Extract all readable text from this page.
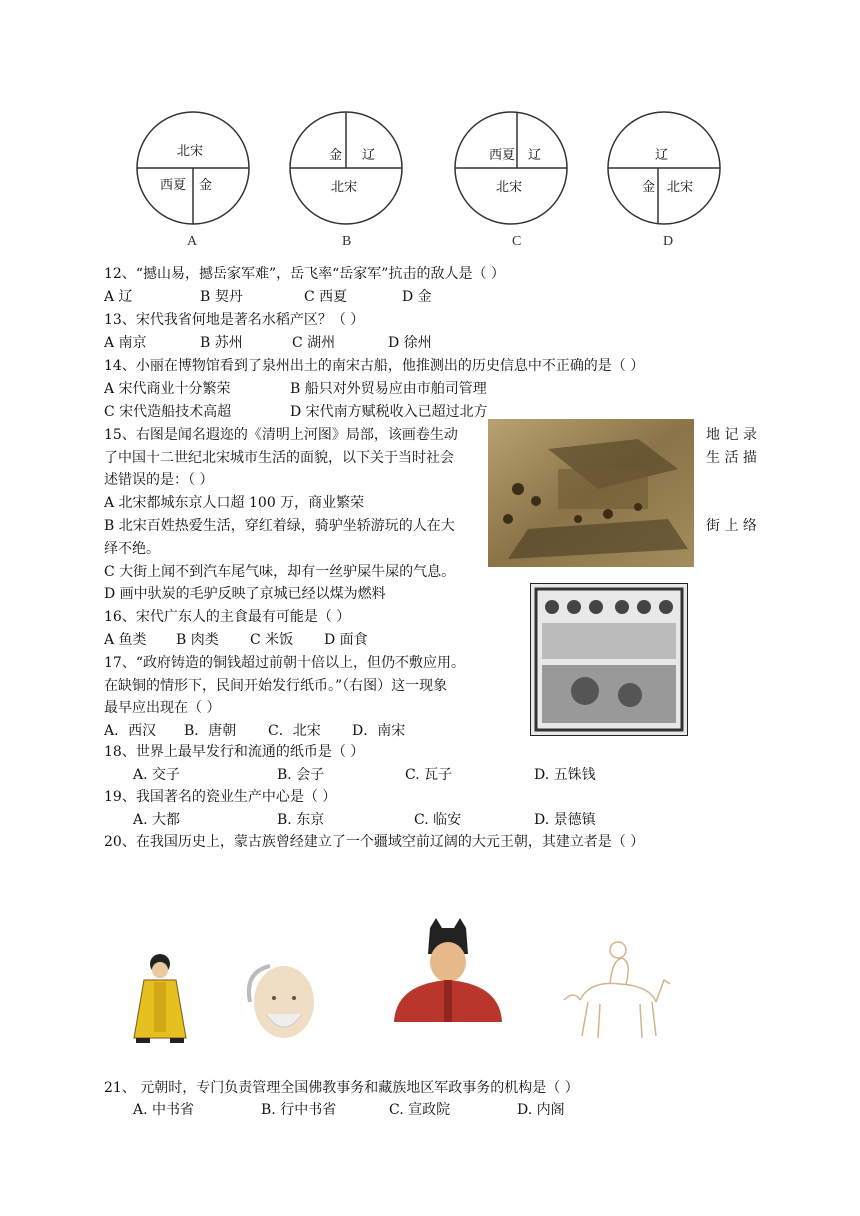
北宋
西夏 金
A
金 辽
北宋
B
西夏 辽
北宋
C
辽
金 北宋
D
12、“撼山易，撼岳家军难”，岳飞率“岳家军”抗击的敌人是（ ）
A 辽	B 契丹	C 西夏	D 金
13、宋代我省何地是著名水稻产区？（ ）
A 南京	B 苏州	C 湖州	D 徐州
14、小丽在博物馆看到了泉州出土的南宋古船，他推测出的历史信息中不正确的是（ ）
A 宋代商业十分繁荣	B 船只对外贸易应由市舶司管理
C 宋代造船技术高超	D 宋代南方赋税收入已超过北方
15、右图是闻名遐迩的《清明上河图》局部，该画卷生动	地 记 录
了中国十二世纪北宋城市生活的面貌，以下关于当时社会	生 活 描
述错误的是：（ ）
A 北宋都城东京人口超 100 万，商业繁荣
B 北宋百姓热爱生活，穿红着绿，骑驴坐轿游玩的人在大	街 上 络
绎不绝。
C 大街上闻不到汽车尾气味，却有一丝驴屎牛屎的气息。
D 画中驮炭的毛驴反映了京城已经以煤为燃料
16、宋代广东人的主食最有可能是（ ）
A 鱼类 B 肉类 C 米饭 D 面食
17、“政府铸造的铜钱超过前朝十倍以上，但仍不敷应用。
在缺铜的情形下，民间开始发行纸币。”（右图）这一现象
最早应出现在（ ）
A．西汉 B．唐朝 C．北宋 D．南宋
18、世界上最早发行和流通的纸币是（ ）
A. 交子	B. 会子	C. 瓦子	D. 五铢钱
19、我国著名的瓷业生产中心是（ ）
A. 大都	B. 东京	C. 临安	D. 景德镇
20、在我国历史上，蒙古族曾经建立了一个疆域空前辽阔的大元王朝，其建立者是（ ）
21、 元朝时，专门负责管理全国佛教事务和藏族地区军政事务的机构是（ ）
A. 中书省	B. 行中书省	C. 宣政院	D. 内阁
